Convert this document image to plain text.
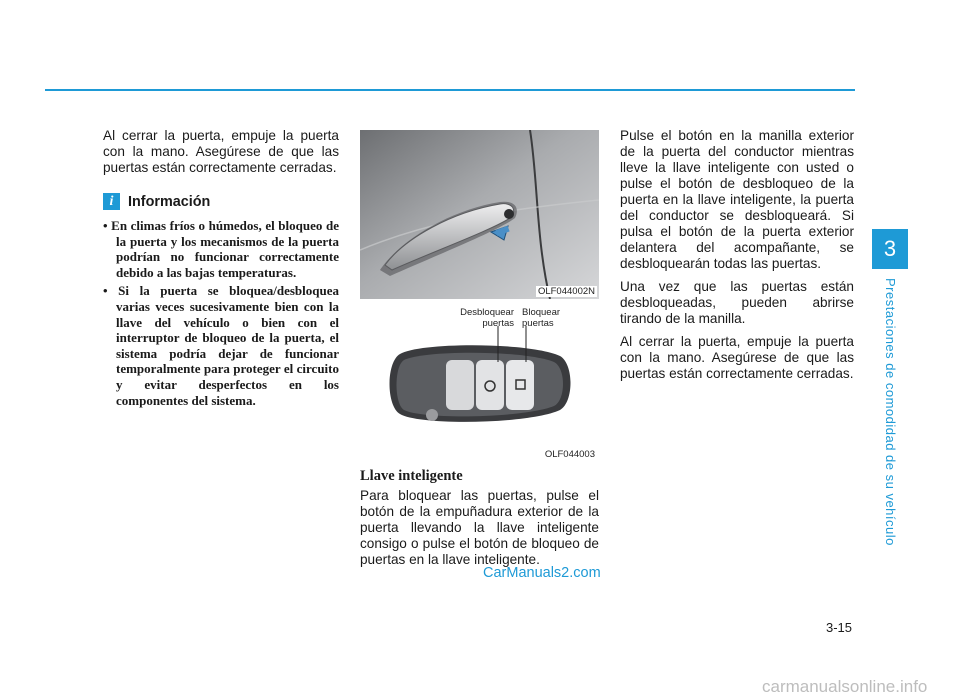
Al cerrar la puerta, empuje la puerta con la mano. Asegúrese de que las puertas están correctamente cerradas.

i	Información
• En climas fríos o húmedos, el bloqueo de la puerta y los mecanismos de la puerta podrían no funcionar correctamente debido a las bajas temperaturas.
• Si la puerta se bloquea/desbloquea varias veces sucesivamente bien con la llave del vehículo o bien con el interruptor de bloqueo de la puerta, el sistema podría dejar de funcionar temporalmente para proteger el circuito y evitar desperfectos en los componentes del sistema.
OLF044002N
Desbloquear puertas
Bloquear puertas
OLF044003
Llave inteligente

Para bloquear las puertas, pulse el botón de la empuñadura exterior de la puerta llevando la llave inteligente consigo o pulse el botón de bloqueo de puertas en la llave inteligente.

CarManuals2.com

Pulse el botón en la manilla exterior de la puerta del conductor mientras lleve la llave inteligente con usted o pulse el botón de desbloqueo de la puerta en la llave inteligente, la puerta del conductor se desbloqueará. Si pulsa el botón de la puerta exterior delantera del acompañante, se desbloquearán todas las puertas.

Una vez que las puertas están desbloqueadas, pueden abrirse tirando de la manilla.

Al cerrar la puerta, empuje la puerta con la mano. Asegúrese de que las puertas están correctamente cerradas.

3
Prestaciones de comodidad de su vehículo
3-15
carmanualsonline.info
